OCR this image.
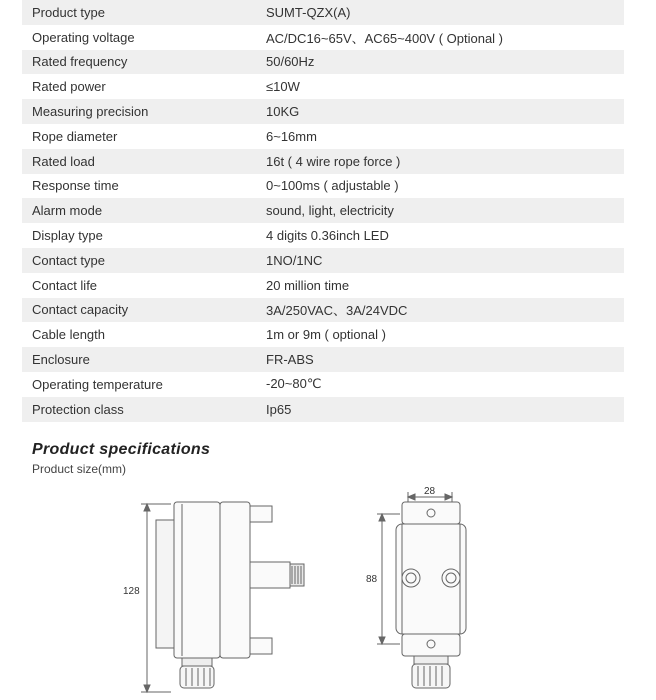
Product type	SUMT-QZX(A)
Operating voltage	AC/DC16~65V、AC65~400V ( Optional )
Rated frequency	50/60Hz
Rated power	≤10W
Measuring precision	10KG
Rope diameter	6~16mm
Rated load	16t ( 4 wire rope force )
Response time	0~100ms ( adjustable )
Alarm mode	sound, light, electricity
Display type	4 digits 0.36inch LED
Contact type	1NO/1NC
Contact life	20 million time
Contact capacity	3A/250VAC、3A/24VDC
Cable length	1m or 9m ( optional )
Enclosure	FR-ABS
Operating temperature	-20~80℃
Protection class	Ip65
Product specifications
Product size(mm)
128
28
88
